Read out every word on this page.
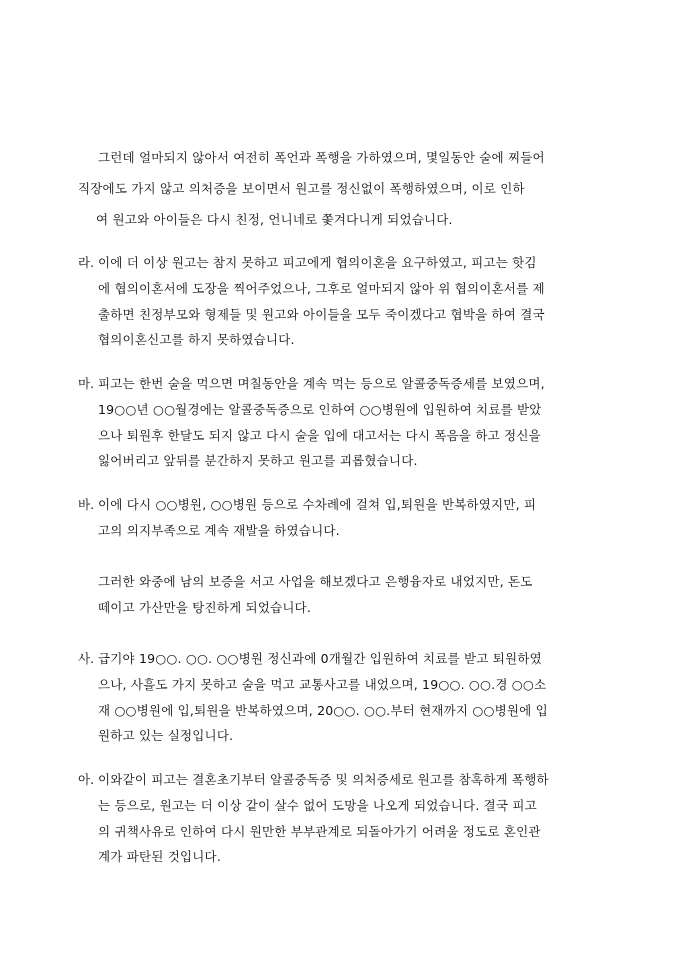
그런데 얼마되지 않아서 여전히 폭언과 폭행을 가하였으며, 몇일동안 술에 찌들어
직장에도 가지 않고 의처증을 보이면서 원고를 정신없이 폭행하였으며, 이로 인하
여 원고와 아이들은 다시 친정, 언니네로 쫓겨다니게 되었습니다.
라. 이에 더 이상 원고는 참지 못하고 피고에게 협의이혼을 요구하였고, 피고는 핫김
에 협의이혼서에 도장을 찍어주었으나, 그후로 얼마되지 않아 위 협의이혼서를 제
출하면 친정부모와 형제들 및 원고와 아이들을 모두 죽이겠다고 협박을 하여 결국
협의이혼신고를 하지 못하였습니다.
마. 피고는 한번 술을 먹으면 며칠동안을 계속 먹는 등으로 알콜중독증세를 보였으며,
19○○년 ○○월경에는 알콜중독증으로 인하여 ○○병원에 입원하여 치료를 받았
으나 퇴원후 한달도 되지 않고 다시 술을 입에 대고서는 다시 폭음을 하고 정신을
잃어버리고 앞뒤를 분간하지 못하고 원고를 괴롭혔습니다.
바. 이에 다시 ○○병원, ○○병원 등으로 수차례에 걸쳐 입,퇴원을 반복하였지만, 피
고의 의지부족으로 계속 재발을 하였습니다.
그러한 와중에 남의 보증을 서고 사업을 해보겠다고 은행융자로 내었지만, 돈도
떼이고 가산만을 탕진하게 되었습니다.
사. 급기야 19○○. ○○. ○○병원 정신과에 0개월간 입원하여 치료를 받고 퇴원하였
으나, 사흘도 가지 못하고 술을 먹고 교통사고를 내었으며, 19○○. ○○.경 ○○소
재 ○○병원에 입,퇴원을 반복하였으며, 20○○. ○○.부터 현재까지 ○○병원에 입
원하고 있는 실정입니다.
아. 이와같이 피고는 결혼초기부터 알콜중독증 및 의처증세로 원고를 참혹하게 폭행하
는 등으로, 원고는 더 이상 같이 살수 없어 도망을 나오게 되었습니다. 결국 피고
의 귀책사유로 인하여 다시 원만한 부부관계로 되돌아가기 어려울 정도로 혼인관
계가 파탄된 것입니다.
